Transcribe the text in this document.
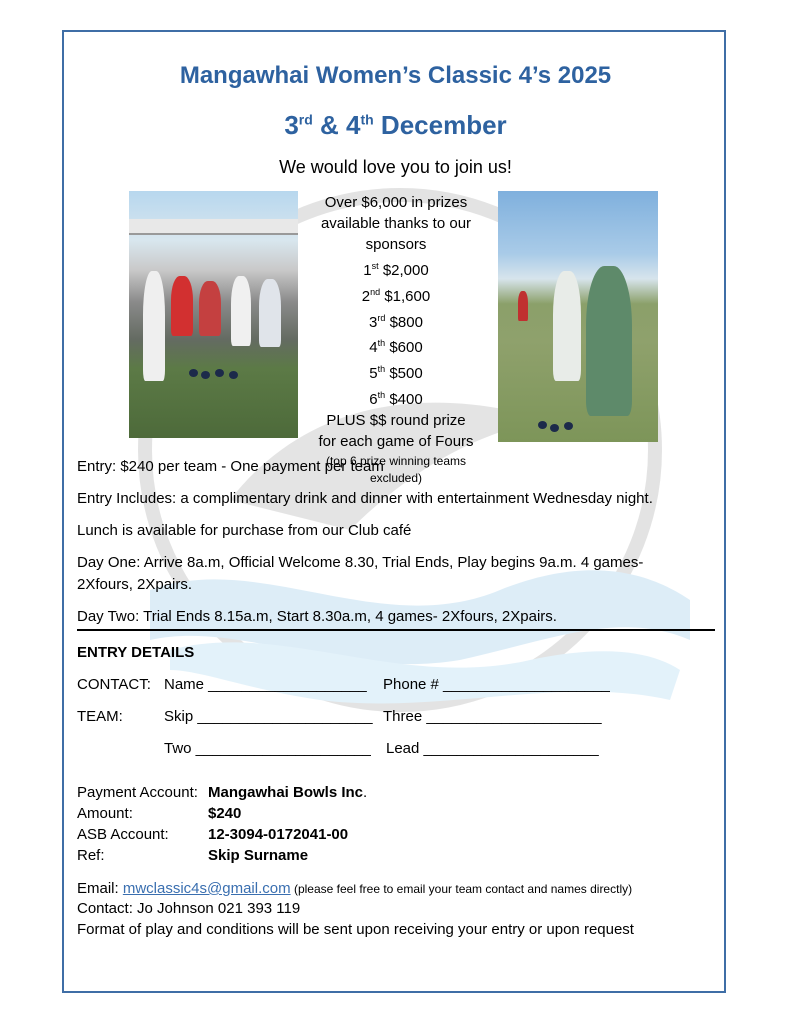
Mangawhai Women’s Classic 4’s 2025
3rd & 4th December
We would love you to join us!
Over $6,000 in prizes
available thanks to our
sponsors
1st $2,000
2nd $1,600
3rd $800
4th $600
5th $500
6th $400
PLUS $$ round prize
for each game of Fours
(top 6 prize winning teams
excluded)
Entry: $240 per team - One payment per team
Entry Includes: a complimentary drink and dinner with entertainment Wednesday night.
Lunch is available for purchase from our Club café
Day One: Arrive 8a.m, Official Welcome 8.30, Trial Ends, Play begins 9a.m. 4 games-
2Xfours, 2Xpairs.
Day Two: Trial Ends 8.15a.m, Start 8.30a.m, 4 games- 2Xfours, 2Xpairs.
ENTRY DETAILS
CONTACT: Name ___________________ Phone # ____________________
TEAM:	Skip _____________________ Three _____________________
Two _____________________ Lead _____________________
Payment Account: Mangawhai Bowls Inc.
Amount:	$240
ASB Account:	12-3094-0172041-00
Ref:	Skip Surname
Email: mwclassic4s@gmail.com (please feel free to email your team contact and names directly)
Contact: Jo Johnson 021 393 119
Format of play and conditions will be sent upon receiving your entry or upon request
